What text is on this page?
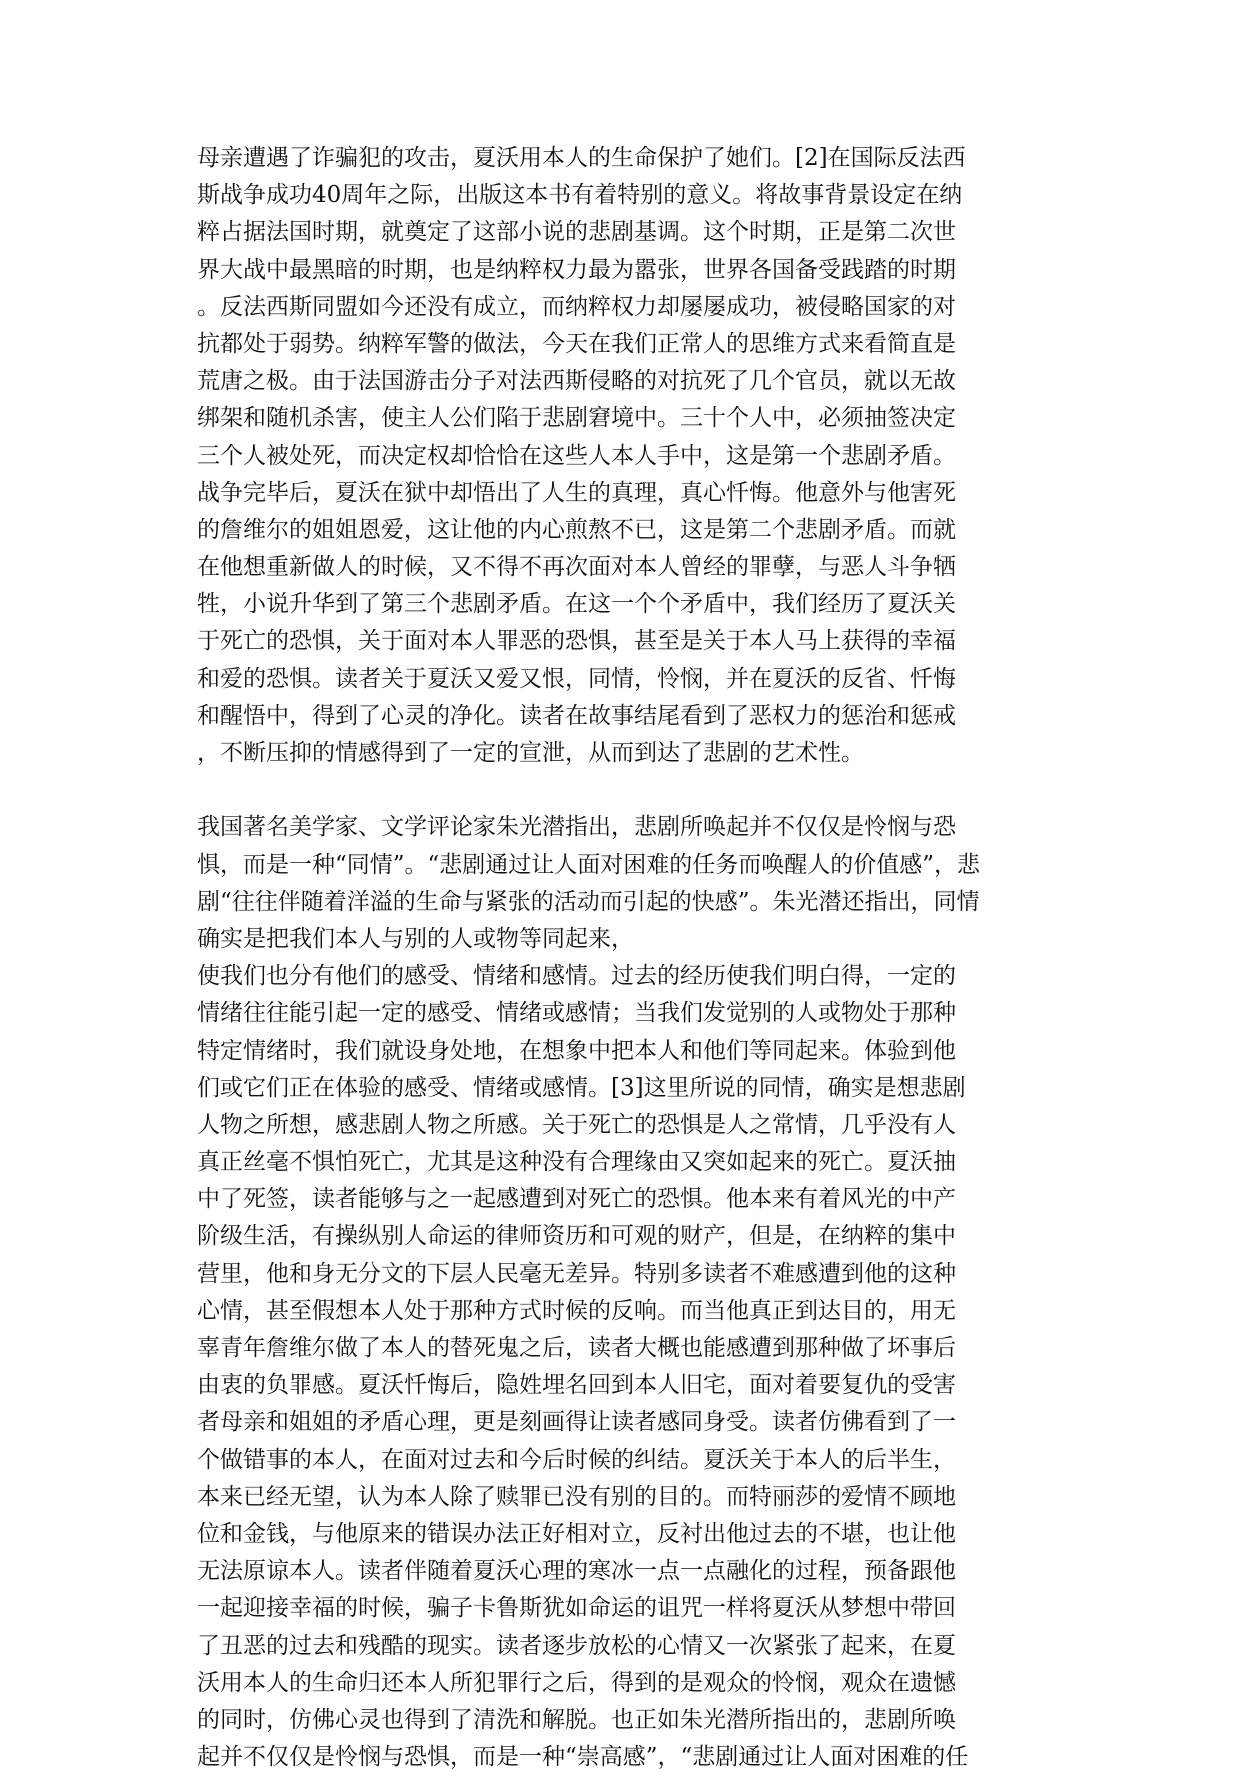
母亲遭遇了诈骗犯的攻击，夏沃用本人的生命保护了她们。[2]在国际反法西
斯战争成功40周年之际，出版这本书有着特别的意义。将故事背景设定在纳
粹占据法国时期，就奠定了这部小说的悲剧基调。这个时期，正是第二次世
界大战中最黑暗的时期，也是纳粹权力最为嚣张，世界各国备受践踏的时期
。反法西斯同盟如今还没有成立，而纳粹权力却屡屡成功，被侵略国家的对
抗都处于弱势。纳粹军警的做法，今天在我们正常人的思维方式来看简直是
荒唐之极。由于法国游击分子对法西斯侵略的对抗死了几个官员，就以无故
绑架和随机杀害，使主人公们陷于悲剧窘境中。三十个人中，必须抽签决定
三个人被处死，而决定权却恰恰在这些人本人手中，这是第一个悲剧矛盾。
战争完毕后，夏沃在狱中却悟出了人生的真理，真心忏悔。他意外与他害死
的詹维尔的姐姐恩爱，这让他的内心煎熬不已，这是第二个悲剧矛盾。而就
在他想重新做人的时候，又不得不再次面对本人曾经的罪孽，与恶人斗争牺
牲，小说升华到了第三个悲剧矛盾。在这一个个矛盾中，我们经历了夏沃关
于死亡的恐惧，关于面对本人罪恶的恐惧，甚至是关于本人马上获得的幸福
和爱的恐惧。读者关于夏沃又爱又恨，同情，怜悯，并在夏沃的反省、忏悔
和醒悟中，得到了心灵的净化。读者在故事结尾看到了恶权力的惩治和惩戒
，不断压抑的情感得到了一定的宣泄，从而到达了悲剧的艺术性。
我国著名美学家、文学评论家朱光潜指出，悲剧所唤起并不仅仅是怜悯与恐
惧，而是一种“同情”。“悲剧通过让人面对困难的任务而唤醒人的价值感”，悲
剧“往往伴随着洋溢的生命与紧张的活动而引起的快感”。朱光潜还指出，同情
确实是把我们本人与别的人或物等同起来，
使我们也分有他们的感受、情绪和感情。过去的经历使我们明白得，一定的
情绪往往能引起一定的感受、情绪或感情；当我们发觉别的人或物处于那种
特定情绪时，我们就设身处地，在想象中把本人和他们等同起来。体验到他
们或它们正在体验的感受、情绪或感情。[3]这里所说的同情，确实是想悲剧
人物之所想，感悲剧人物之所感。关于死亡的恐惧是人之常情，几乎没有人
真正丝毫不惧怕死亡，尤其是这种没有合理缘由又突如起来的死亡。夏沃抽
中了死签，读者能够与之一起感遭到对死亡的恐惧。他本来有着风光的中产
阶级生活，有操纵别人命运的律师资历和可观的财产，但是，在纳粹的集中
营里，他和身无分文的下层人民毫无差异。特别多读者不难感遭到他的这种
心情，甚至假想本人处于那种方式时候的反响。而当他真正到达目的，用无
辜青年詹维尔做了本人的替死鬼之后，读者大概也能感遭到那种做了坏事后
由衷的负罪感。夏沃忏悔后，隐姓埋名回到本人旧宅，面对着要复仇的受害
者母亲和姐姐的矛盾心理，更是刻画得让读者感同身受。读者仿佛看到了一
个做错事的本人，在面对过去和今后时候的纠结。夏沃关于本人的后半生，
本来已经无望，认为本人除了赎罪已没有别的目的。而特丽莎的爱情不顾地
位和金钱，与他原来的错误办法正好相对立，反衬出他过去的不堪，也让他
无法原谅本人。读者伴随着夏沃心理的寒冰一点一点融化的过程，预备跟他
一起迎接幸福的时候，骗子卡鲁斯犹如命运的诅咒一样将夏沃从梦想中带回
了丑恶的过去和残酷的现实。读者逐步放松的心情又一次紧张了起来，在夏
沃用本人的生命归还本人所犯罪行之后，得到的是观众的怜悯，观众在遗憾
的同时，仿佛心灵也得到了清洗和解脱。也正如朱光潜所指出的，悲剧所唤
起并不仅仅是怜悯与恐惧，而是一种“崇高感”，“悲剧通过让人面对困难的任
